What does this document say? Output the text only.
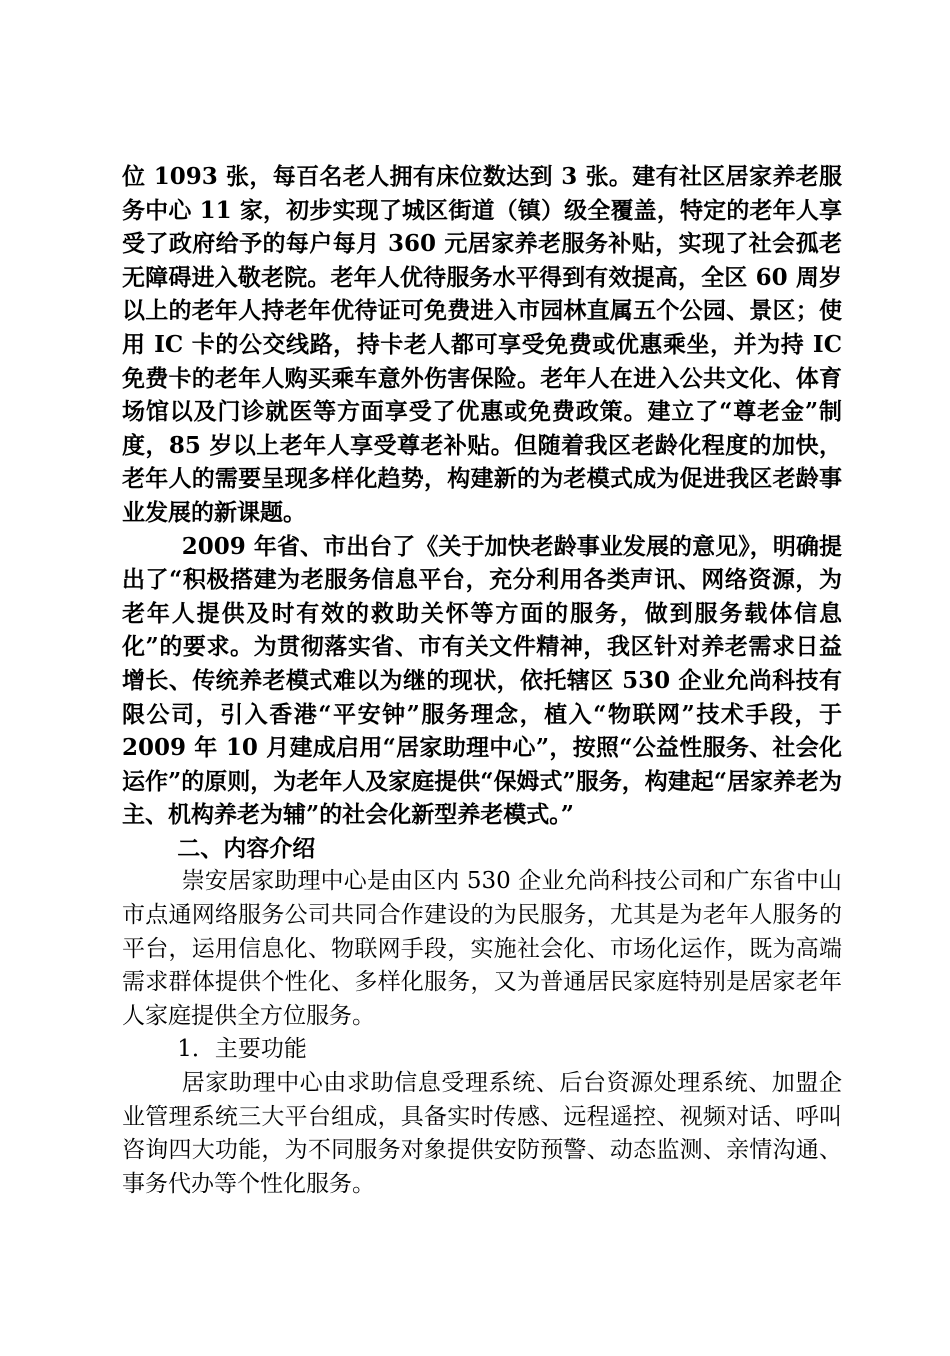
位 1093 张，每百名老人拥有床位数达到 3 张。建有社区居家养老服务中心 11 家，初步实现了城区街道（镇）级全覆盖，特定的老年人享受了政府给予的每户每月 360 元居家养老服务补贴，实现了社会孤老无障碍进入敬老院。老年人优待服务水平得到有效提高，全区 60 周岁以上的老年人持老年优待证可免费进入市园林直属五个公园、景区；使用 IC 卡的公交线路，持卡老人都可享受免费或优惠乘坐，并为持 IC 免费卡的老年人购买乘车意外伤害保险。老年人在进入公共文化、体育场馆以及门诊就医等方面享受了优惠或免费政策。建立了“尊老金”制度，85 岁以上老年人享受尊老补贴。但随着我区老龄化程度的加快，老年人的需要呈现多样化趋势，构建新的为老模式成为促进我区老龄事业发展的新课题。

2009 年省、市出台了《关于加快老龄事业发展的意见》，明确提出了“积极搭建为老服务信息平台，充分利用各类声讯、网络资源，为老年人提供及时有效的救助关怀等方面的服务，做到服务载体信息化”的要求。为贯彻落实省、市有关文件精神，我区针对养老需求日益增长、传统养老模式难以为继的现状，依托辖区 530 企业允尚科技有限公司，引入香港“平安钟”服务理念，植入“物联网”技术手段，于 2009 年 10 月建成启用“居家助理中心”，按照“公益性服务、社会化运作”的原则，为老年人及家庭提供“保姆式”服务，构建起“居家养老为主、机构养老为辅”的社会化新型养老模式。”

二、内容介绍

崇安居家助理中心是由区内 530 企业允尚科技公司和广东省中山市点通网络服务公司共同合作建设的为民服务，尤其是为老年人服务的平台，运用信息化、物联网手段，实施社会化、市场化运作，既为高端需求群体提供个性化、多样化服务，又为普通居民家庭特别是居家老年人家庭提供全方位服务。

1．主要功能

居家助理中心由求助信息受理系统、后台资源处理系统、加盟企业管理系统三大平台组成，具备实时传感、远程遥控、视频对话、呼叫咨询四大功能，为不同服务对象提供安防预警、动态监测、亲情沟通、事务代办等个性化服务。
